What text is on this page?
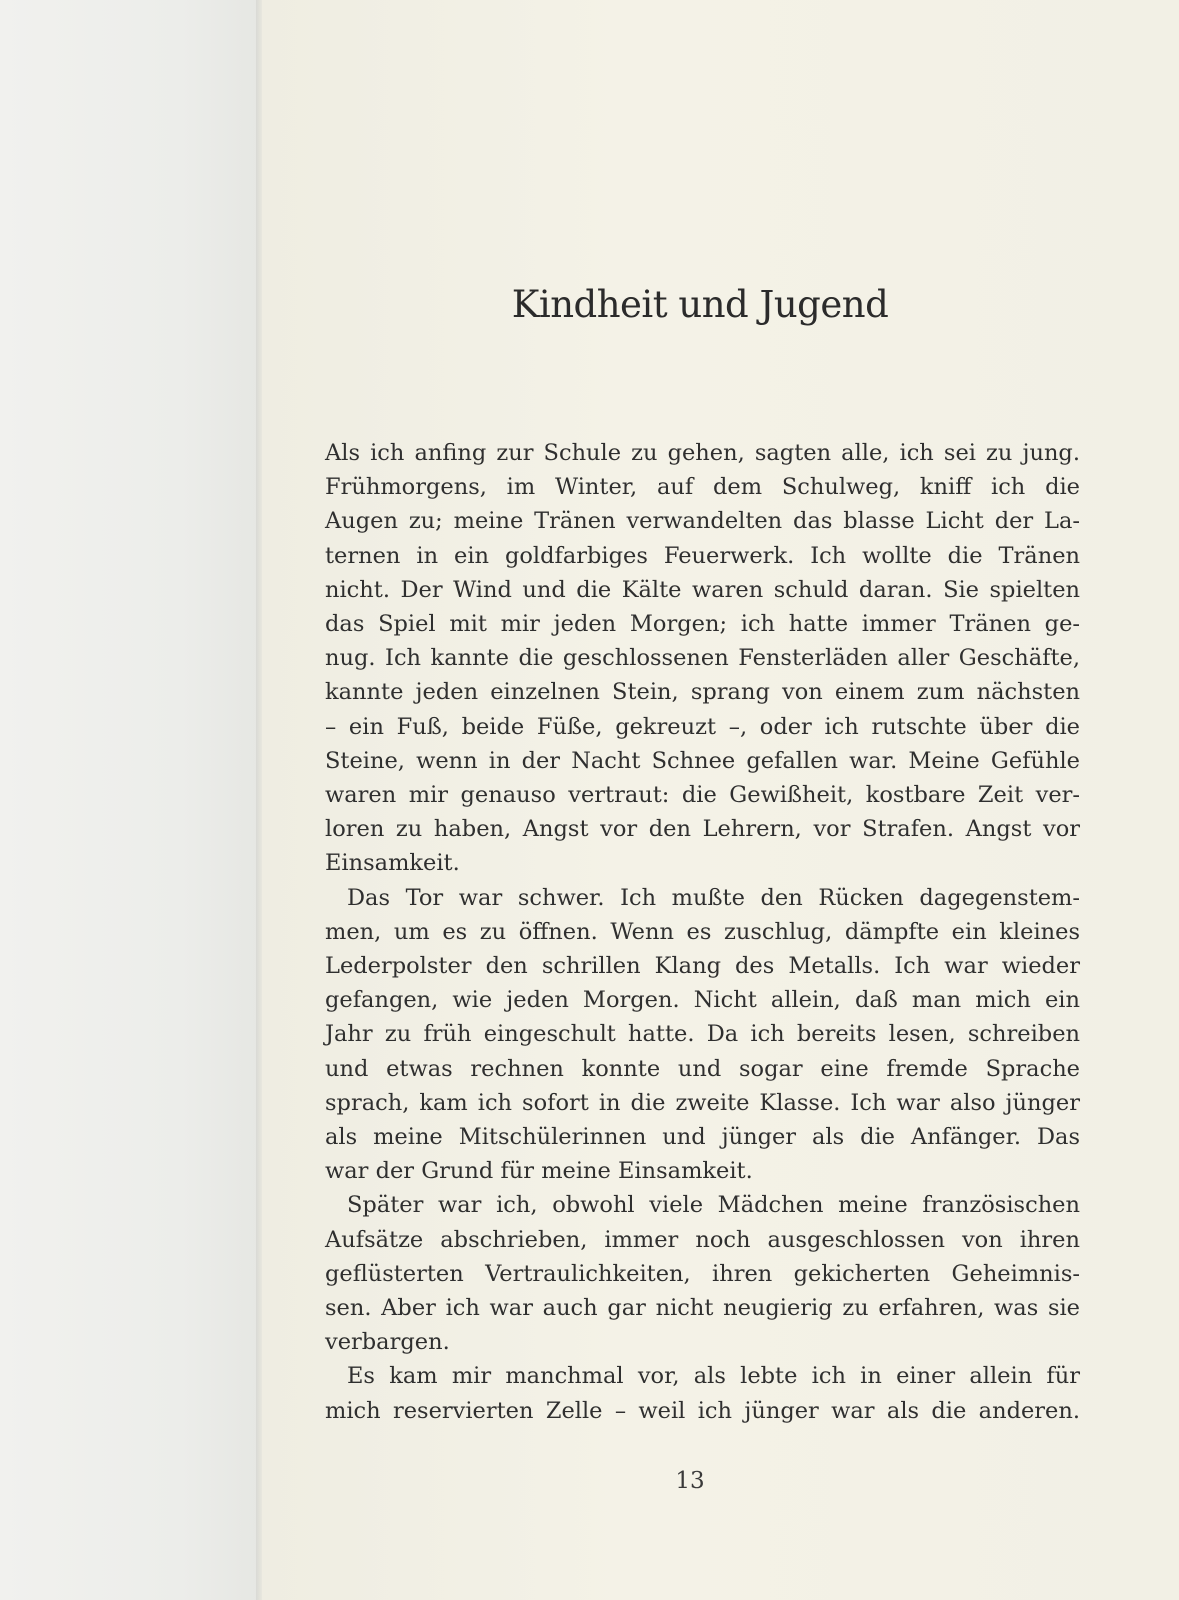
Kindheit und Jugend
Als ich anfing zur Schule zu gehen, sagten alle, ich sei zu jung.
Frühmorgens, im Winter, auf dem Schulweg, kniff ich die
Augen zu; meine Tränen verwandelten das blasse Licht der La-
ternen in ein goldfarbiges Feuerwerk. Ich wollte die Tränen
nicht. Der Wind und die Kälte waren schuld daran. Sie spielten
das Spiel mit mir jeden Morgen; ich hatte immer Tränen ge-
nug. Ich kannte die geschlossenen Fensterläden aller Geschäfte,
kannte jeden einzelnen Stein, sprang von einem zum nächsten
– ein Fuß, beide Füße, gekreuzt –, oder ich rutschte über die
Steine, wenn in der Nacht Schnee gefallen war. Meine Gefühle
waren mir genauso vertraut: die Gewißheit, kostbare Zeit ver-
loren zu haben, Angst vor den Lehrern, vor Strafen. Angst vor
Einsamkeit.
Das Tor war schwer. Ich mußte den Rücken dagegenstem-
men, um es zu öffnen. Wenn es zuschlug, dämpfte ein kleines
Lederpolster den schrillen Klang des Metalls. Ich war wieder
gefangen, wie jeden Morgen. Nicht allein, daß man mich ein
Jahr zu früh eingeschult hatte. Da ich bereits lesen, schreiben
und etwas rechnen konnte und sogar eine fremde Sprache
sprach, kam ich sofort in die zweite Klasse. Ich war also jünger
als meine Mitschülerinnen und jünger als die Anfänger. Das
war der Grund für meine Einsamkeit.
Später war ich, obwohl viele Mädchen meine französischen
Aufsätze abschrieben, immer noch ausgeschlossen von ihren
geflüsterten Vertraulichkeiten, ihren gekicherten Geheimnis-
sen. Aber ich war auch gar nicht neugierig zu erfahren, was sie
verbargen.
Es kam mir manchmal vor, als lebte ich in einer allein für
mich reservierten Zelle – weil ich jünger war als die anderen.
13
